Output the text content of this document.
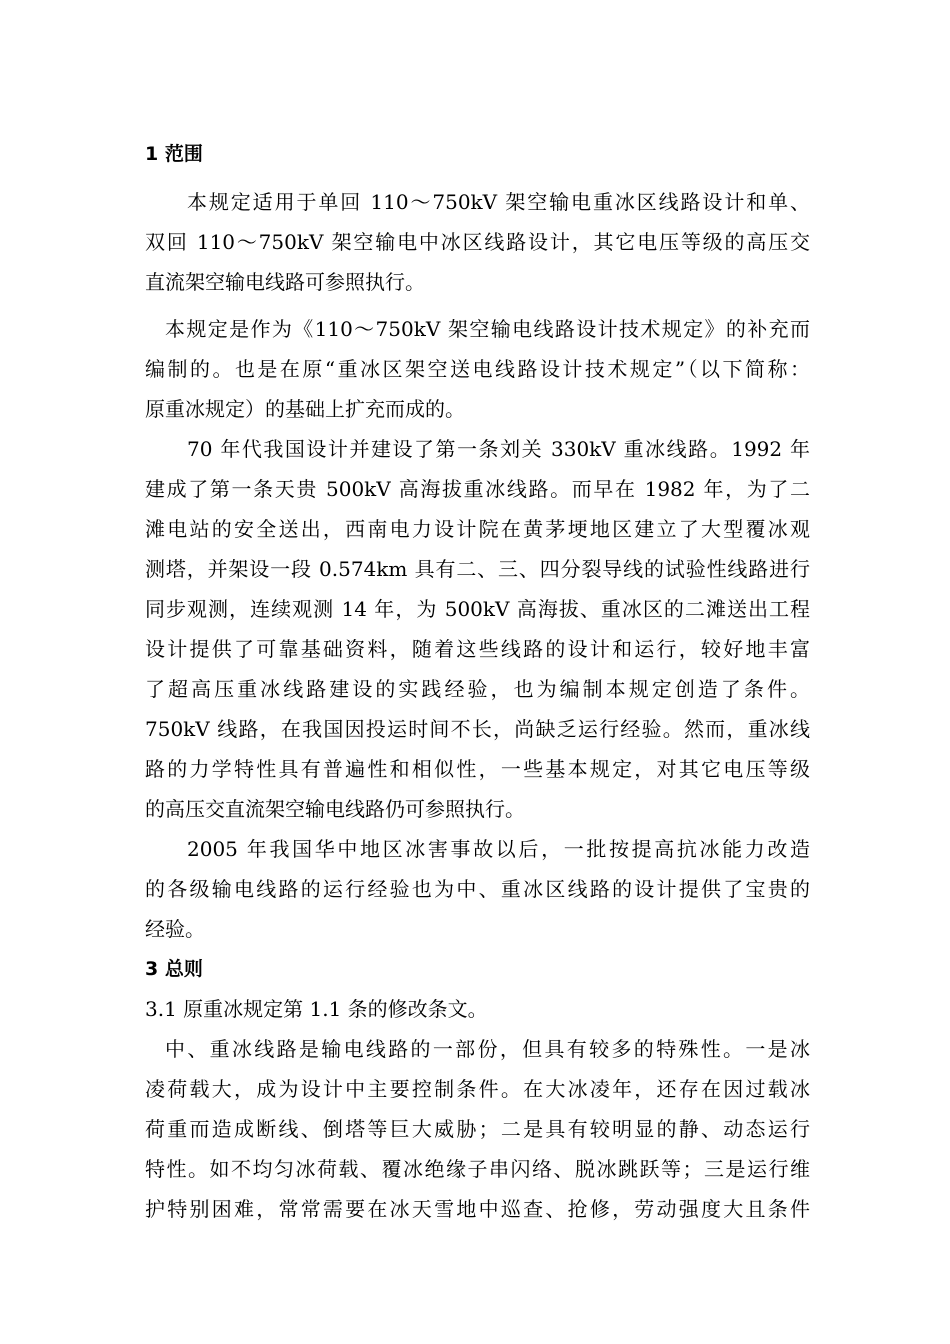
1 范围
本规定适用于单回 110～750kV 架空输电重冰区线路设计和单、
双回 110～750kV 架空输电中冰区线路设计，其它电压等级的高压交
直流架空输电线路可参照执行。
本规定是作为《110～750kV 架空输电线路设计技术规定》的补充而
编制的。也是在原“重冰区架空送电线路设计技术规定”（以下简称：
原重冰规定）的基础上扩充而成的。
70 年代我国设计并建设了第一条刘关 330kV 重冰线路。1992 年
建成了第一条天贵 500kV 高海拔重冰线路。而早在 1982 年，为了二
滩电站的安全送出，西南电力设计院在黄茅埂地区建立了大型覆冰观
测塔，并架设一段 0.574km 具有二、三、四分裂导线的试验性线路进行
同步观测，连续观测 14 年，为 500kV 高海拔、重冰区的二滩送出工程
设计提供了可靠基础资料，随着这些线路的设计和运行，较好地丰富
了超高压重冰线路建设的实践经验，也为编制本规定创造了条件。
750kV 线路，在我国因投运时间不长，尚缺乏运行经验。然而，重冰线
路的力学特性具有普遍性和相似性，一些基本规定，对其它电压等级
的高压交直流架空输电线路仍可参照执行。
2005 年我国华中地区冰害事故以后，一批按提高抗冰能力改造
的各级输电线路的运行经验也为中、重冰区线路的设计提供了宝贵的
经验。
3 总则
3.1 原重冰规定第 1.1 条的修改条文。
中、重冰线路是输电线路的一部份，但具有较多的特殊性。一是冰
凌荷载大，成为设计中主要控制条件。在大冰凌年，还存在因过载冰
荷重而造成断线、倒塔等巨大威胁；二是具有较明显的静、动态运行
特性。如不均匀冰荷载、覆冰绝缘子串闪络、脱冰跳跃等；三是运行维
护特别困难，常常需要在冰天雪地中巡查、抢修，劳动强度大且条件
